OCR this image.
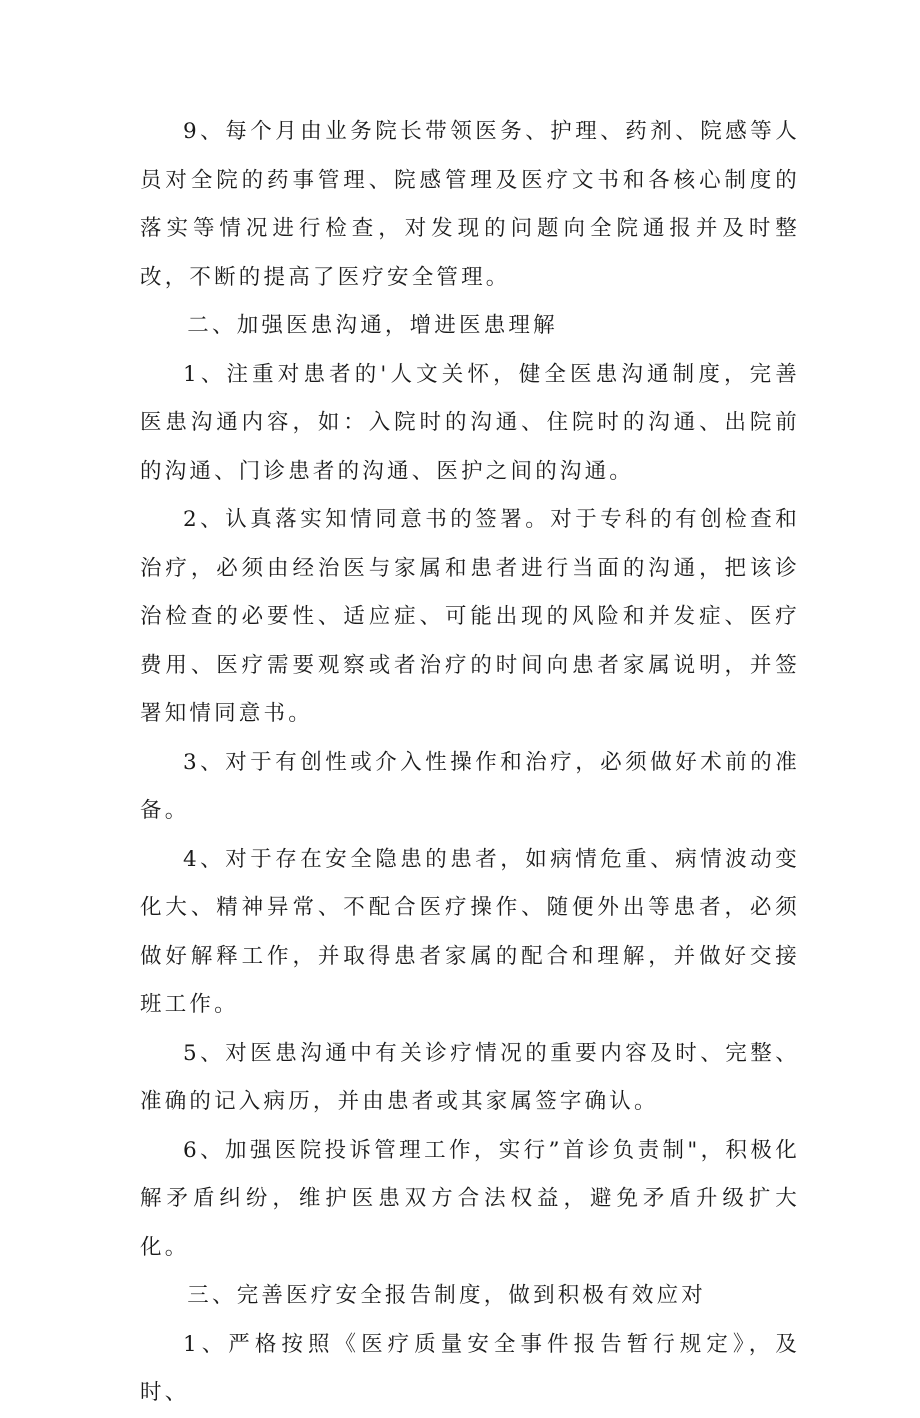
9、每个月由业务院长带领医务、护理、药剂、院感等人员对全院的药事管理、院感管理及医疗文书和各核心制度的落实等情况进行检查，对发现的问题向全院通报并及时整改，不断的提高了医疗安全管理。

二、加强医患沟通，增进医患理解

1、注重对患者的'人文关怀，健全医患沟通制度，完善医患沟通内容，如：入院时的沟通、住院时的沟通、出院前的沟通、门诊患者的沟通、医护之间的沟通。

2、认真落实知情同意书的签署。对于专科的有创检查和治疗，必须由经治医与家属和患者进行当面的沟通，把该诊治检查的必要性、适应症、可能出现的风险和并发症、医疗费用、医疗需要观察或者治疗的时间向患者家属说明，并签署知情同意书。

3、对于有创性或介入性操作和治疗，必须做好术前的准备。

4、对于存在安全隐患的患者，如病情危重、病情波动变化大、精神异常、不配合医疗操作、随便外出等患者，必须做好解释工作，并取得患者家属的配合和理解，并做好交接班工作。

5、对医患沟通中有关诊疗情况的重要内容及时、完整、准确的记入病历，并由患者或其家属签字确认。

6、加强医院投诉管理工作，实行”首诊负责制"，积极化解矛盾纠纷，维护医患双方合法权益，避免矛盾升级扩大化。

三、完善医疗安全报告制度，做到积极有效应对

1、严格按照《医疗质量安全事件报告暂行规定》，及时、
